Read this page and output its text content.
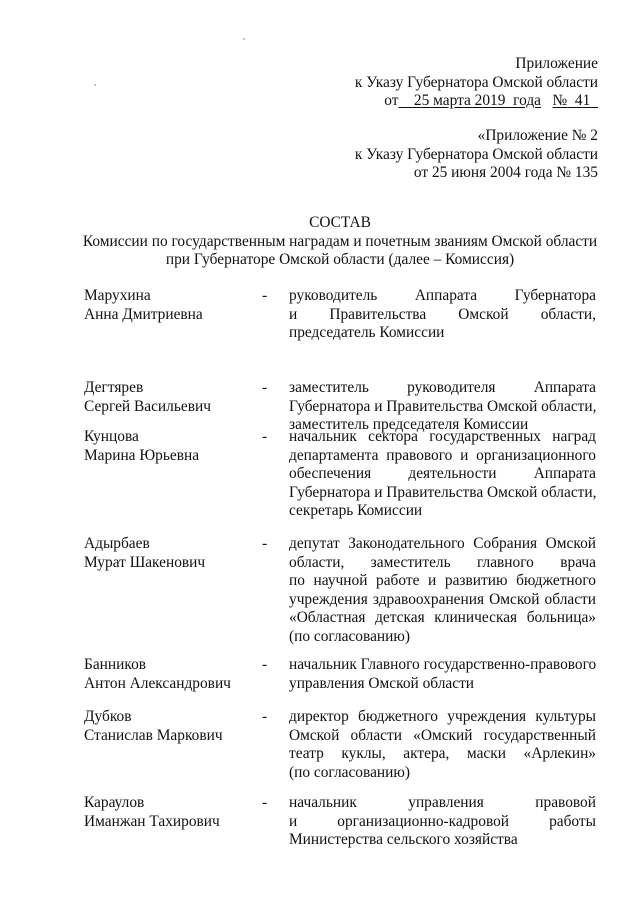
Приложение
к Указу Губернатора Омской области
от    25 марта 2019  года №  41
«Приложение № 2
к Указу Губернатора Омской области
от 25 июня 2004 года № 135
СОСТАВ
Комиссии по государственным наградам и почетным званиям Омской области
при Губернаторе Омской области (далее – Комиссия)
Марухина
Анна Дмитриевна
- руководитель Аппарата Губернатора
и Правительства Омской области,
председатель Комиссии
Дегтярев
Сергей Васильевич
- заместитель руководителя Аппарата
Губернатора и Правительства Омской области,
заместитель председателя Комиссии
Кунцова
Марина Юрьевна
- начальник сектора государственных наград
департамента правового и организационного
обеспечения деятельности Аппарата
Губернатора и Правительства Омской области,
секретарь Комиссии
Адырбаев
Мурат Шакенович
- депутат Законодательного Собрания Омской
области, заместитель главного врача
по научной работе и развитию бюджетного
учреждения здравоохранения Омской области
«Областная детская клиническая больница»
(по согласованию)
Банников
Антон Александрович
- начальник Главного государственно-правового
управления Омской области
Дубков
Станислав Маркович
- директор бюджетного учреждения культуры
Омской области «Омский государственный
театр куклы, актера, маски «Арлекин»
(по согласованию)
Караулов
Иманжан Тахирович
- начальник управления правовой
и организационно-кадровой работы
Министерства сельского хозяйства
